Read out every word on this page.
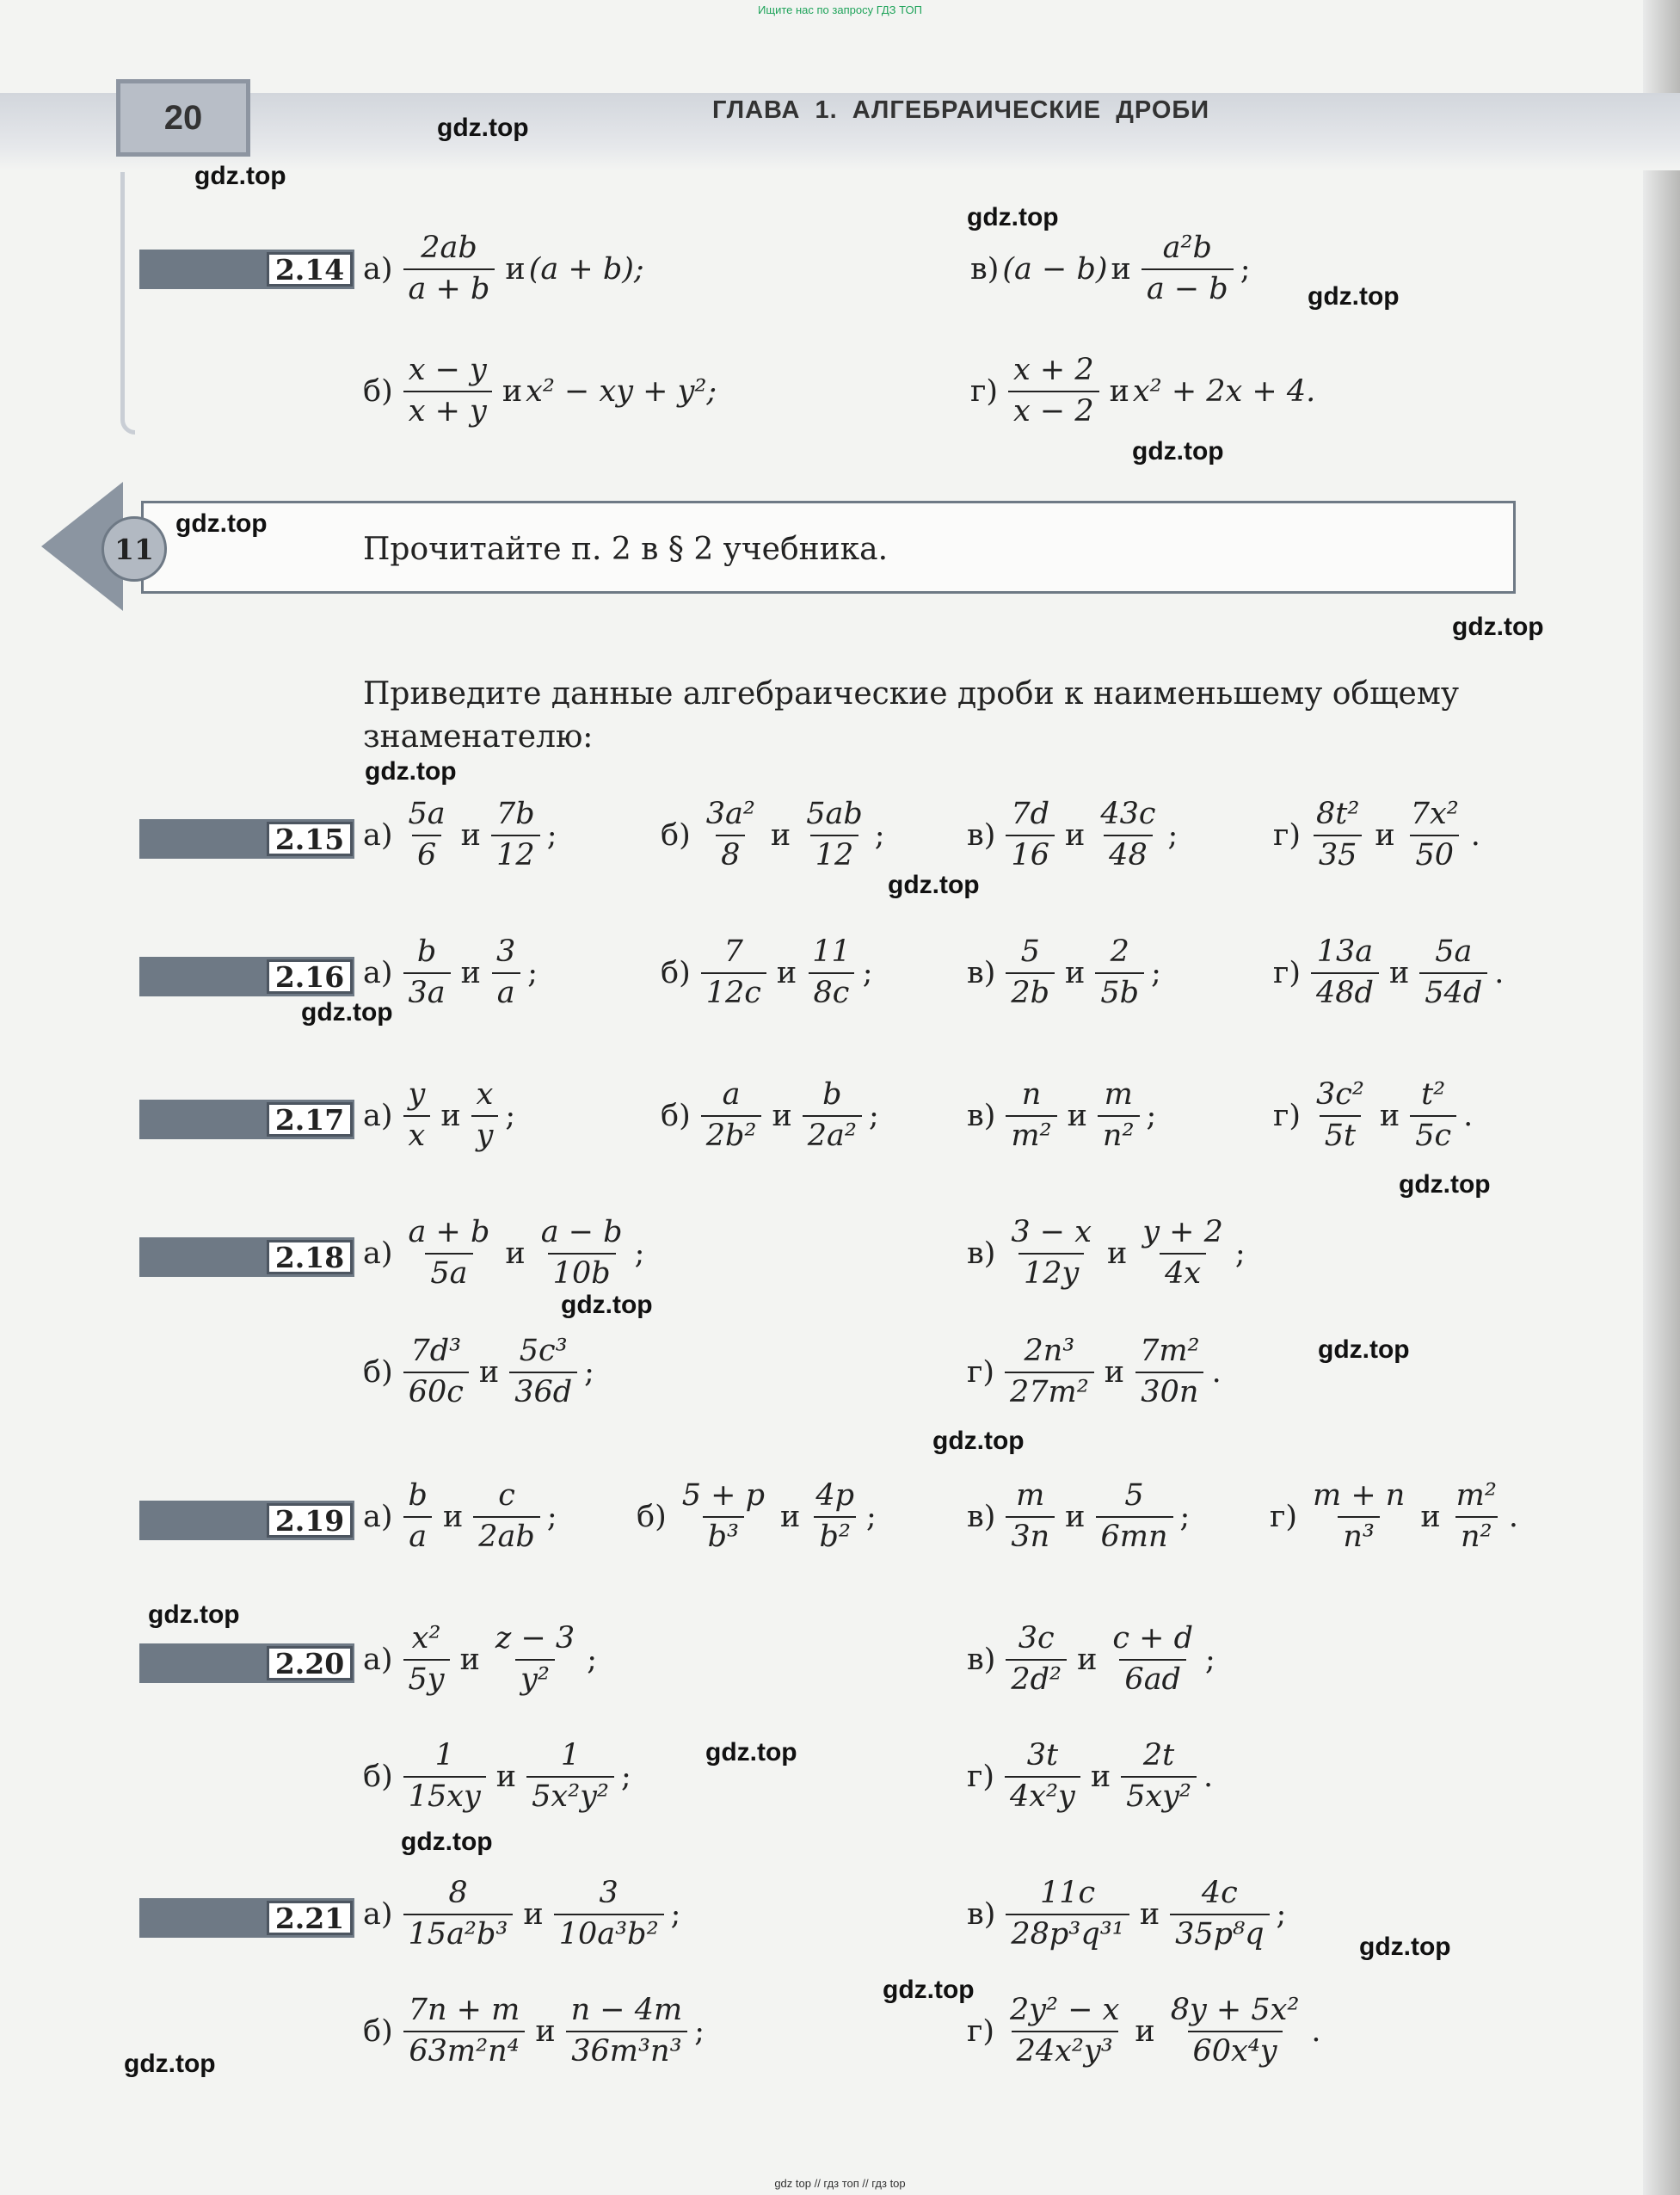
Ищите нас по запросу ГДЗ ТОП
20	ГЛАВА 1. АЛГЕБРАИЧЕСКИЕ ДРОБИ
2.14 $а) \frac{2ab}{a + b}$ и (a + b);	в) (a − b) и $\frac{\text{a²b}}{a - b}$ ;
$б) \frac{x - y}{x + y}$ и x² − xy + y²;	$г) \frac{x + 2}{x - 2}$ и x² + 2x + 4.
11	Прочитайте п. 2 в § 2 учебника.
Приведите данные алгебраические дроби к наименьшему общему знаменателю:
2.15 $а) \frac{5a}{6}$ и $\frac{7b}{12}$ ;	$б) \frac{\text{3a²}}{8}$ и $\frac{5ab}{12}$ ;	$в) \frac{7d}{16}$ и $\frac{43c}{48}$ ;	$г) \frac{\text{8t²}}{35}$ и $\frac{\text{7x²}}{50}$ .
2.16 $а) \frac{b}{3a}$ и $\frac{3}{a}$ ;	$б) \frac{7}{12c}$ и $\frac{11}{8c}$ ;	$в) \frac{5}{2b}$ и $\frac{2}{5b}$ ;	$г) \frac{13a}{48d}$ и $\frac{5a}{54d}$ .
2.17 $а) \frac{y}{x}$ и $\frac{x}{y}$ ;	$б) \frac{a}{\text{2b²}}$ и $\frac{b}{\text{2a²}}$ ;	$в) \frac{n}{\text{m²}}$ и $\frac{m}{\text{n²}}$ ;	$г) \frac{\text{3c²}}{5t}$ и $\frac{\text{t²}}{5c}$ .
2.18 $а) \frac{a + b}{5a}$ и $\frac{a - b}{10b}$ ;	$в) \frac{3 - x}{12y}$ и $\frac{y + 2}{4x}$ ;
$б) \frac{\text{7d³}}{60c}$ и $\frac{\text{5c³}}{36d}$ ;	$г) \frac{\text{2n³}}{\text{27m²}}$ и $\frac{\text{7m²}}{30n}$ .
2.19 $а) \frac{b}{a}$ и $\frac{c}{2ab}$ ;	$б) \frac{5 + p}{\text{b³}}$ и $\frac{4p}{\text{b²}}$ ;	$в) \frac{m}{3n}$ и $\frac{5}{6mn}$ ;	$г) \frac{m + n}{\text{n³}}$ и $\frac{\text{m²}}{\text{n²}}$ .
2.20 $а) \frac{\text{x²}}{5y}$ и $\frac{z - 3}{\text{y²}}$ ;	$в) \frac{3c}{\text{2d²}}$ и $\frac{c + d}{6ad}$ ;
$б) \frac{1}{15xy}$ и $\frac{1}{\text{5x²y²}}$ ;	$г) \frac{3t}{\text{4x²y}}$ и $\frac{2t}{\text{5xy²}}$ .
2.21 $а) \frac{8}{\text{15a²b³}}$ и $\frac{3}{\text{10a³b²}}$ ;	$в) \frac{11c}{\text{28p³q³¹}}$ и $\frac{4c}{\text{35p⁸q}}$ ;
$б) \frac{7n + m}{\text{63m²n⁴}}$ и $\frac{n - 4m}{\text{36m³n³}}$ ;	$г) \frac{\text{2y² − x}}{\text{24x²y³}}$ и $\frac{\text{8y + 5x²}}{\text{60x⁴y}}$ .
gdz.top
gdz.top
gdz.top
gdz.top
gdz.top
gdz.top
gdz.top
gdz.top
gdz.top
gdz.top
gdz.top
gdz.top
gdz.top
gdz.top
gdz.top
gdz.top
gdz.top
gdz.top
gdz.top
gdz.top
gdz top // гдз топ // гдз top
